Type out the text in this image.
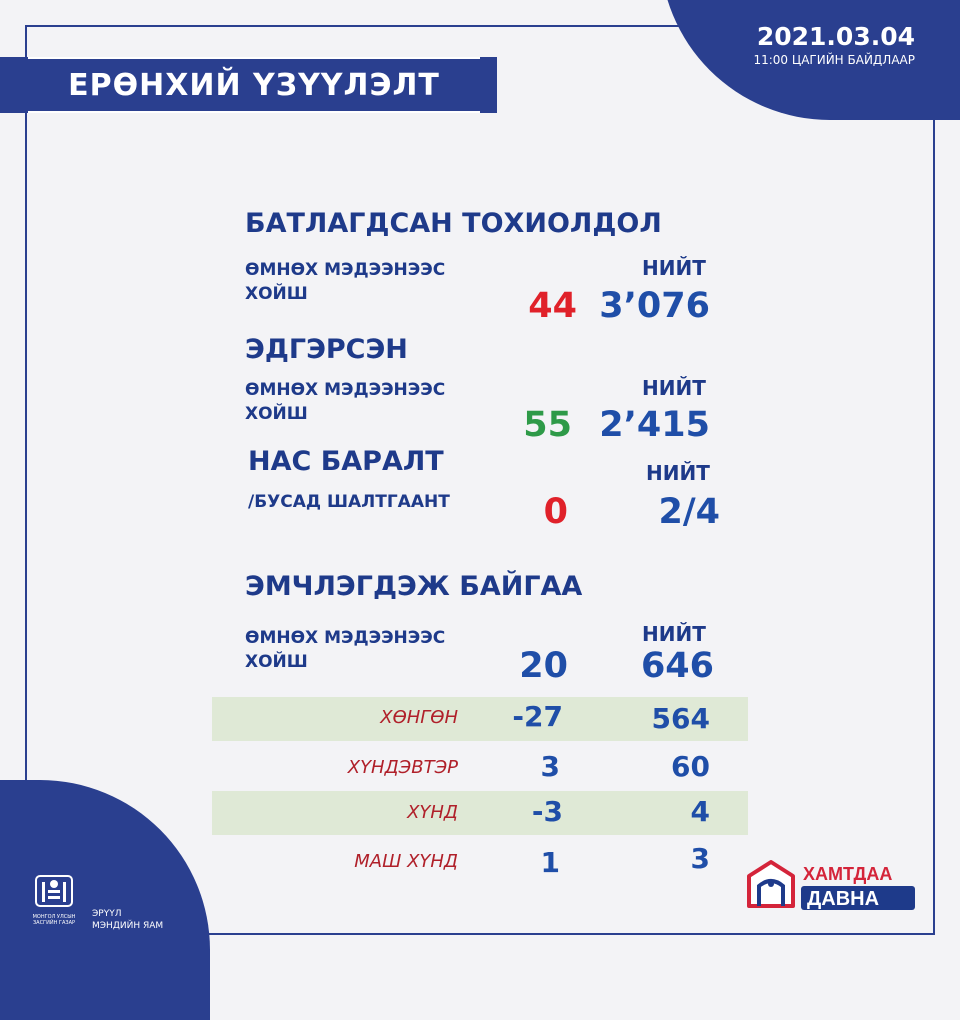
ЕРӨНХИЙ ҮЗҮҮЛЭЛТ
2021.03.04
11:00 ЦАГИЙН БАЙДЛААР
БАТЛАГДСАН ТОХИОЛДОЛ
ӨМНӨХ МЭДЭЭНЭЭС
ХОЙШ
НИЙТ
44 3’076
ЭДГЭРСЭН
ӨМНӨХ МЭДЭЭНЭЭС
ХОЙШ
НИЙТ
55 2’415
НАС БАРАЛТ
/БУСАД ШАЛТГААНТ
НИЙТ
0	2/4
ЭМЧЛЭГДЭЖ БАЙГАА
ӨМНӨХ МЭДЭЭНЭЭС
ХОЙШ
НИЙТ
20 646
ХӨНГӨН -27	564
ХҮНДЭВТЭР	3	60
ХҮНД	-3	4
МАШ ХҮНД	1	3
МОНГОЛ УЛСЫН
ЗАСГИЙН ГАЗАР
ЭРҮҮЛ
МЭНДИЙН ЯАМ
ХАМТДАА
ДАВНА
